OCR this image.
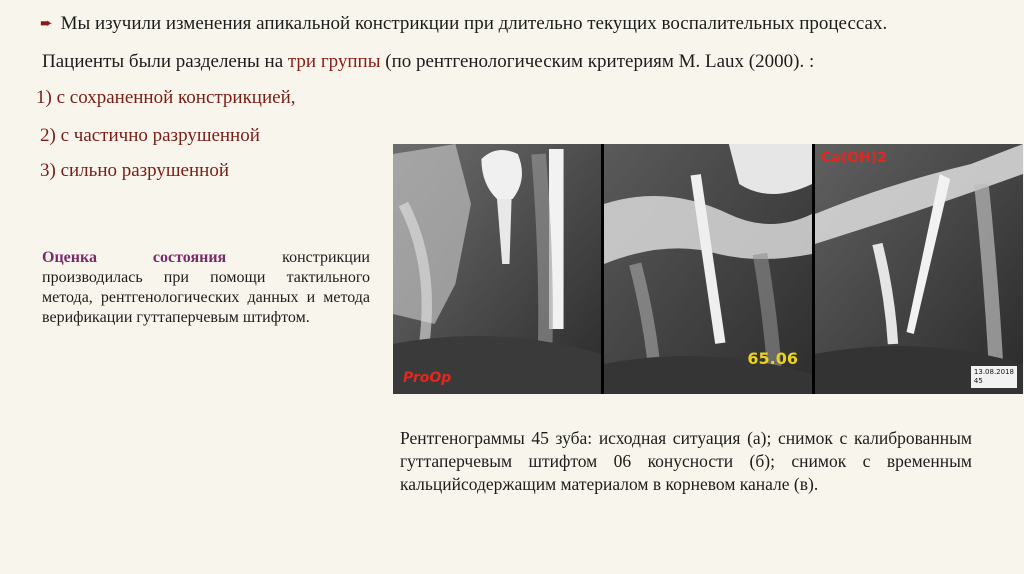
➨ Мы изучили изменения апикальной констрикции при длительно текущих воспалительных процессах.
Пациенты были разделены на три группы (по рентгенологическим критериям M. Laux (2000). :
1) с сохраненной констрикцией,
2) с частично разрушенной
3) сильно разрушенной
Оценка состояния констрикции производилась при помощи тактильного метода, рентгенологических данных и метода верификации гуттаперчевым штифтом.
ProOp
65.06
Ca(OH)2
13.08.2018
45
Рентгенограммы 45 зуба: исходная ситуация (а); снимок с калиброванным гуттаперчевым штифтом 06 конусности (б); снимок с временным кальцийсодержащим материалом в корневом канале (в).
